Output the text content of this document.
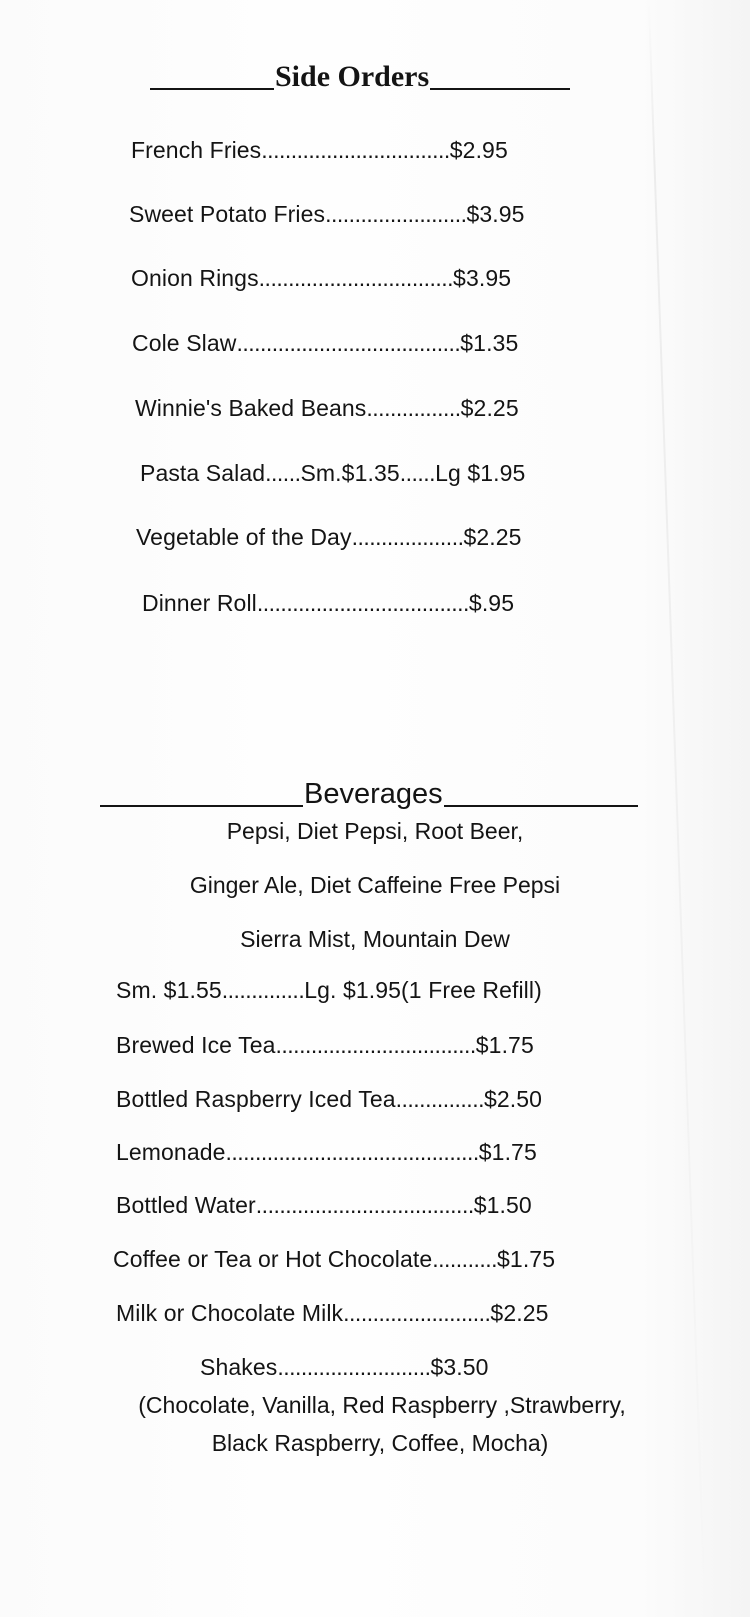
Side Orders
French Fries................................$2.95
Sweet Potato Fries........................$3.95
Onion Rings.................................$3.95
Cole Slaw......................................$1.35
Winnie's Baked Beans................$2.25
Pasta Salad......Sm.$1.35......Lg $1.95
Vegetable of the Day...................$2.25
Dinner Roll....................................$.95
Beverages
Pepsi, Diet Pepsi, Root Beer,
Ginger Ale, Diet Caffeine Free Pepsi
Sierra Mist, Mountain Dew
Sm. $1.55..............Lg. $1.95(1 Free Refill)
Brewed Ice Tea..................................$1.75
Bottled Raspberry Iced Tea...............$2.50
Lemonade...........................................$1.75
Bottled Water.....................................$1.50
Coffee or Tea or Hot Chocolate...........$1.75
Milk or Chocolate Milk.........................$2.25
Shakes..........................$3.50
(Chocolate, Vanilla, Red Raspberry ,Strawberry,
Black Raspberry, Coffee, Mocha)
